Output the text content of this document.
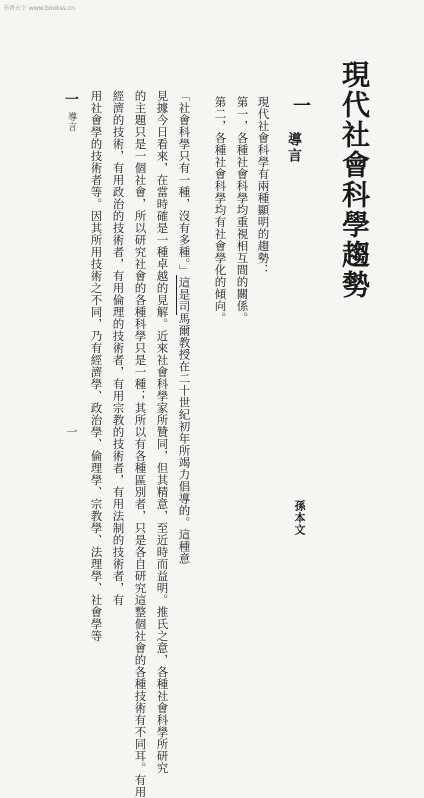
书香天下 www.bookss.cn
現代社會科學趨勢
一
導言
孫本文
現代社會科學有兩種顯明的趨勢：
第一，各種社會科學均重視相互間的關係。
第二，各種社會科學均有社會學化的傾向。
「社會科學只有一種，沒有多種。」這是司馬爾教授在二十世紀初年所竭力倡導的。這種意
見據今日看來，在當時確是一種卓越的見解。近來社會科學家所贊同，但其精意，至近時而益明。推氏之意，各種社會科學所研究
的主題只是一個社會，所以研究社會的各種科學只是一種；其所以有各種區別者，只是各自研究這整個社會的各種技術有不同耳。有用
經濟的技術，有用政治的技術者，有用倫理的技術者，有用宗教的技術者，有用法制的技術者，有
用社會學的技術者等。因其所用技術之不同，乃有經濟學、政治學、倫理學、宗教學、法理學、社會學等
一
導言
一
